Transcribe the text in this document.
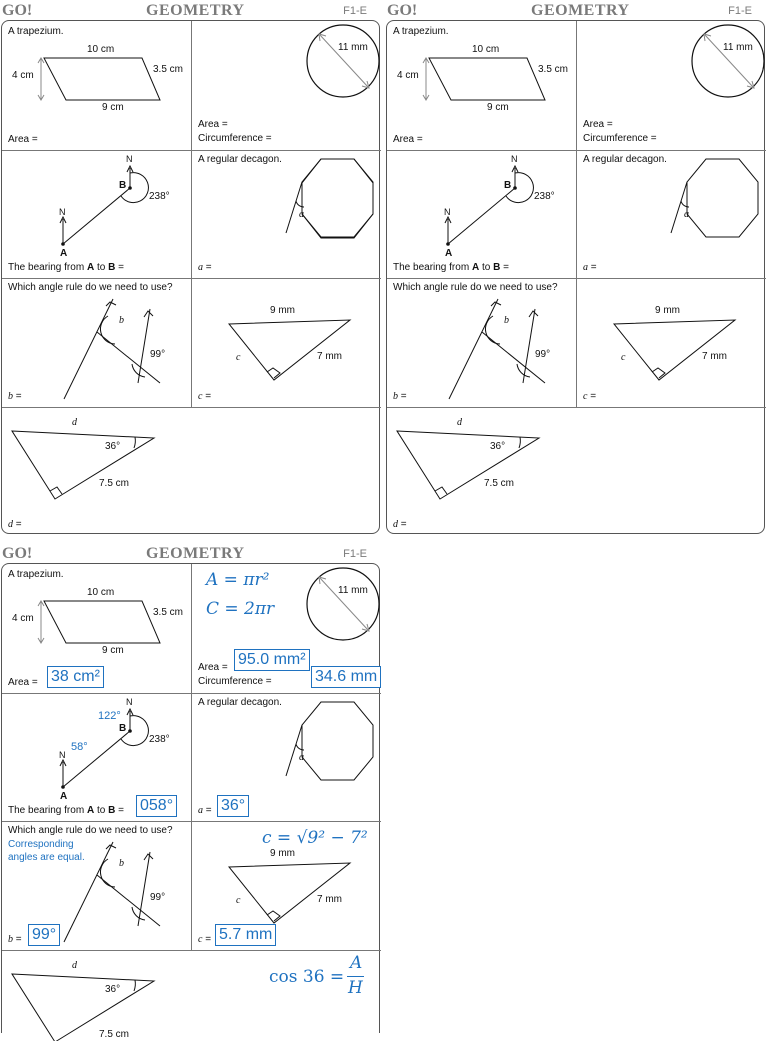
GO!	GEOMETRY	F1-E
A trapezium.
10 cm
4 cm
3.5 cm
9 cm
Area =
11 mm
Area =
Circumference =
N
N
A
B
238°
The bearing from A to B =
A regular decagon.
a
a =
Which angle rule do we need to use?
b
99°
b =
9 mm
7 mm
c
c =
d
36°
7.5 cm
d =
GO!	GEOMETRY	F1-E
A trapezium.
10 cm
4 cm
3.5 cm
9 cm
Area =
11 mm
Area =
Circumference =
N
N
A
B
238°
The bearing from A to B =
A regular decagon.
a
a =
Which angle rule do we need to use?
b
99°
b =
9 mm
7 mm
c
c =
d
36°
7.5 cm
d =
GO!	GEOMETRY	F1-E
A trapezium.
10 cm
4 cm
3.5 cm
9 cm
Area = 38 cm²
A = πr²
C = 2πr
11 mm
Area =
Circumference =
95.0 mm²
34.6 mm
N
N
A
B
238°
122°
58°
The bearing from A to B = 058°
A regular decagon.
a
a = 36°
Which angle rule do we need to use?
Corresponding
angles are equal.
b
99°
b = 99°
c = √9² − 7²
9 mm
7 mm
c
c = 5.7 mm
d
36°
7.5 cm
cos 36 =
A
H
